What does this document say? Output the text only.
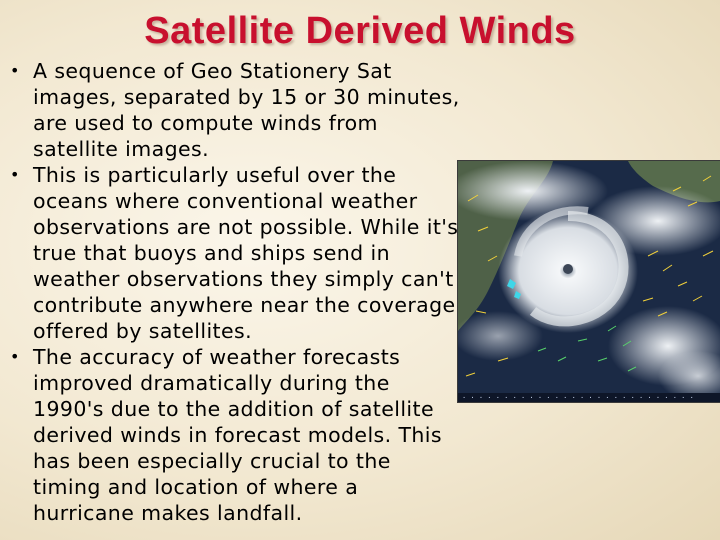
Satellite Derived Winds
• A sequence of Geo Stationery Sat images, separated by 15 or 30 minutes, are used to compute winds from satellite images.
• This is particularly useful over the oceans where conventional weather observations are not possible. While it's true that buoys and ships send in weather observations they simply can't contribute anywhere near the coverage offered by satellites.
• The accuracy of weather forecasts improved dramatically during the 1990's due to the addition of satellite derived winds in forecast models. This has been especially crucial to the timing and location of where a hurricane makes landfall.
· · · · · · · · · · · · · · · · · · · · · · · · · · · ·
